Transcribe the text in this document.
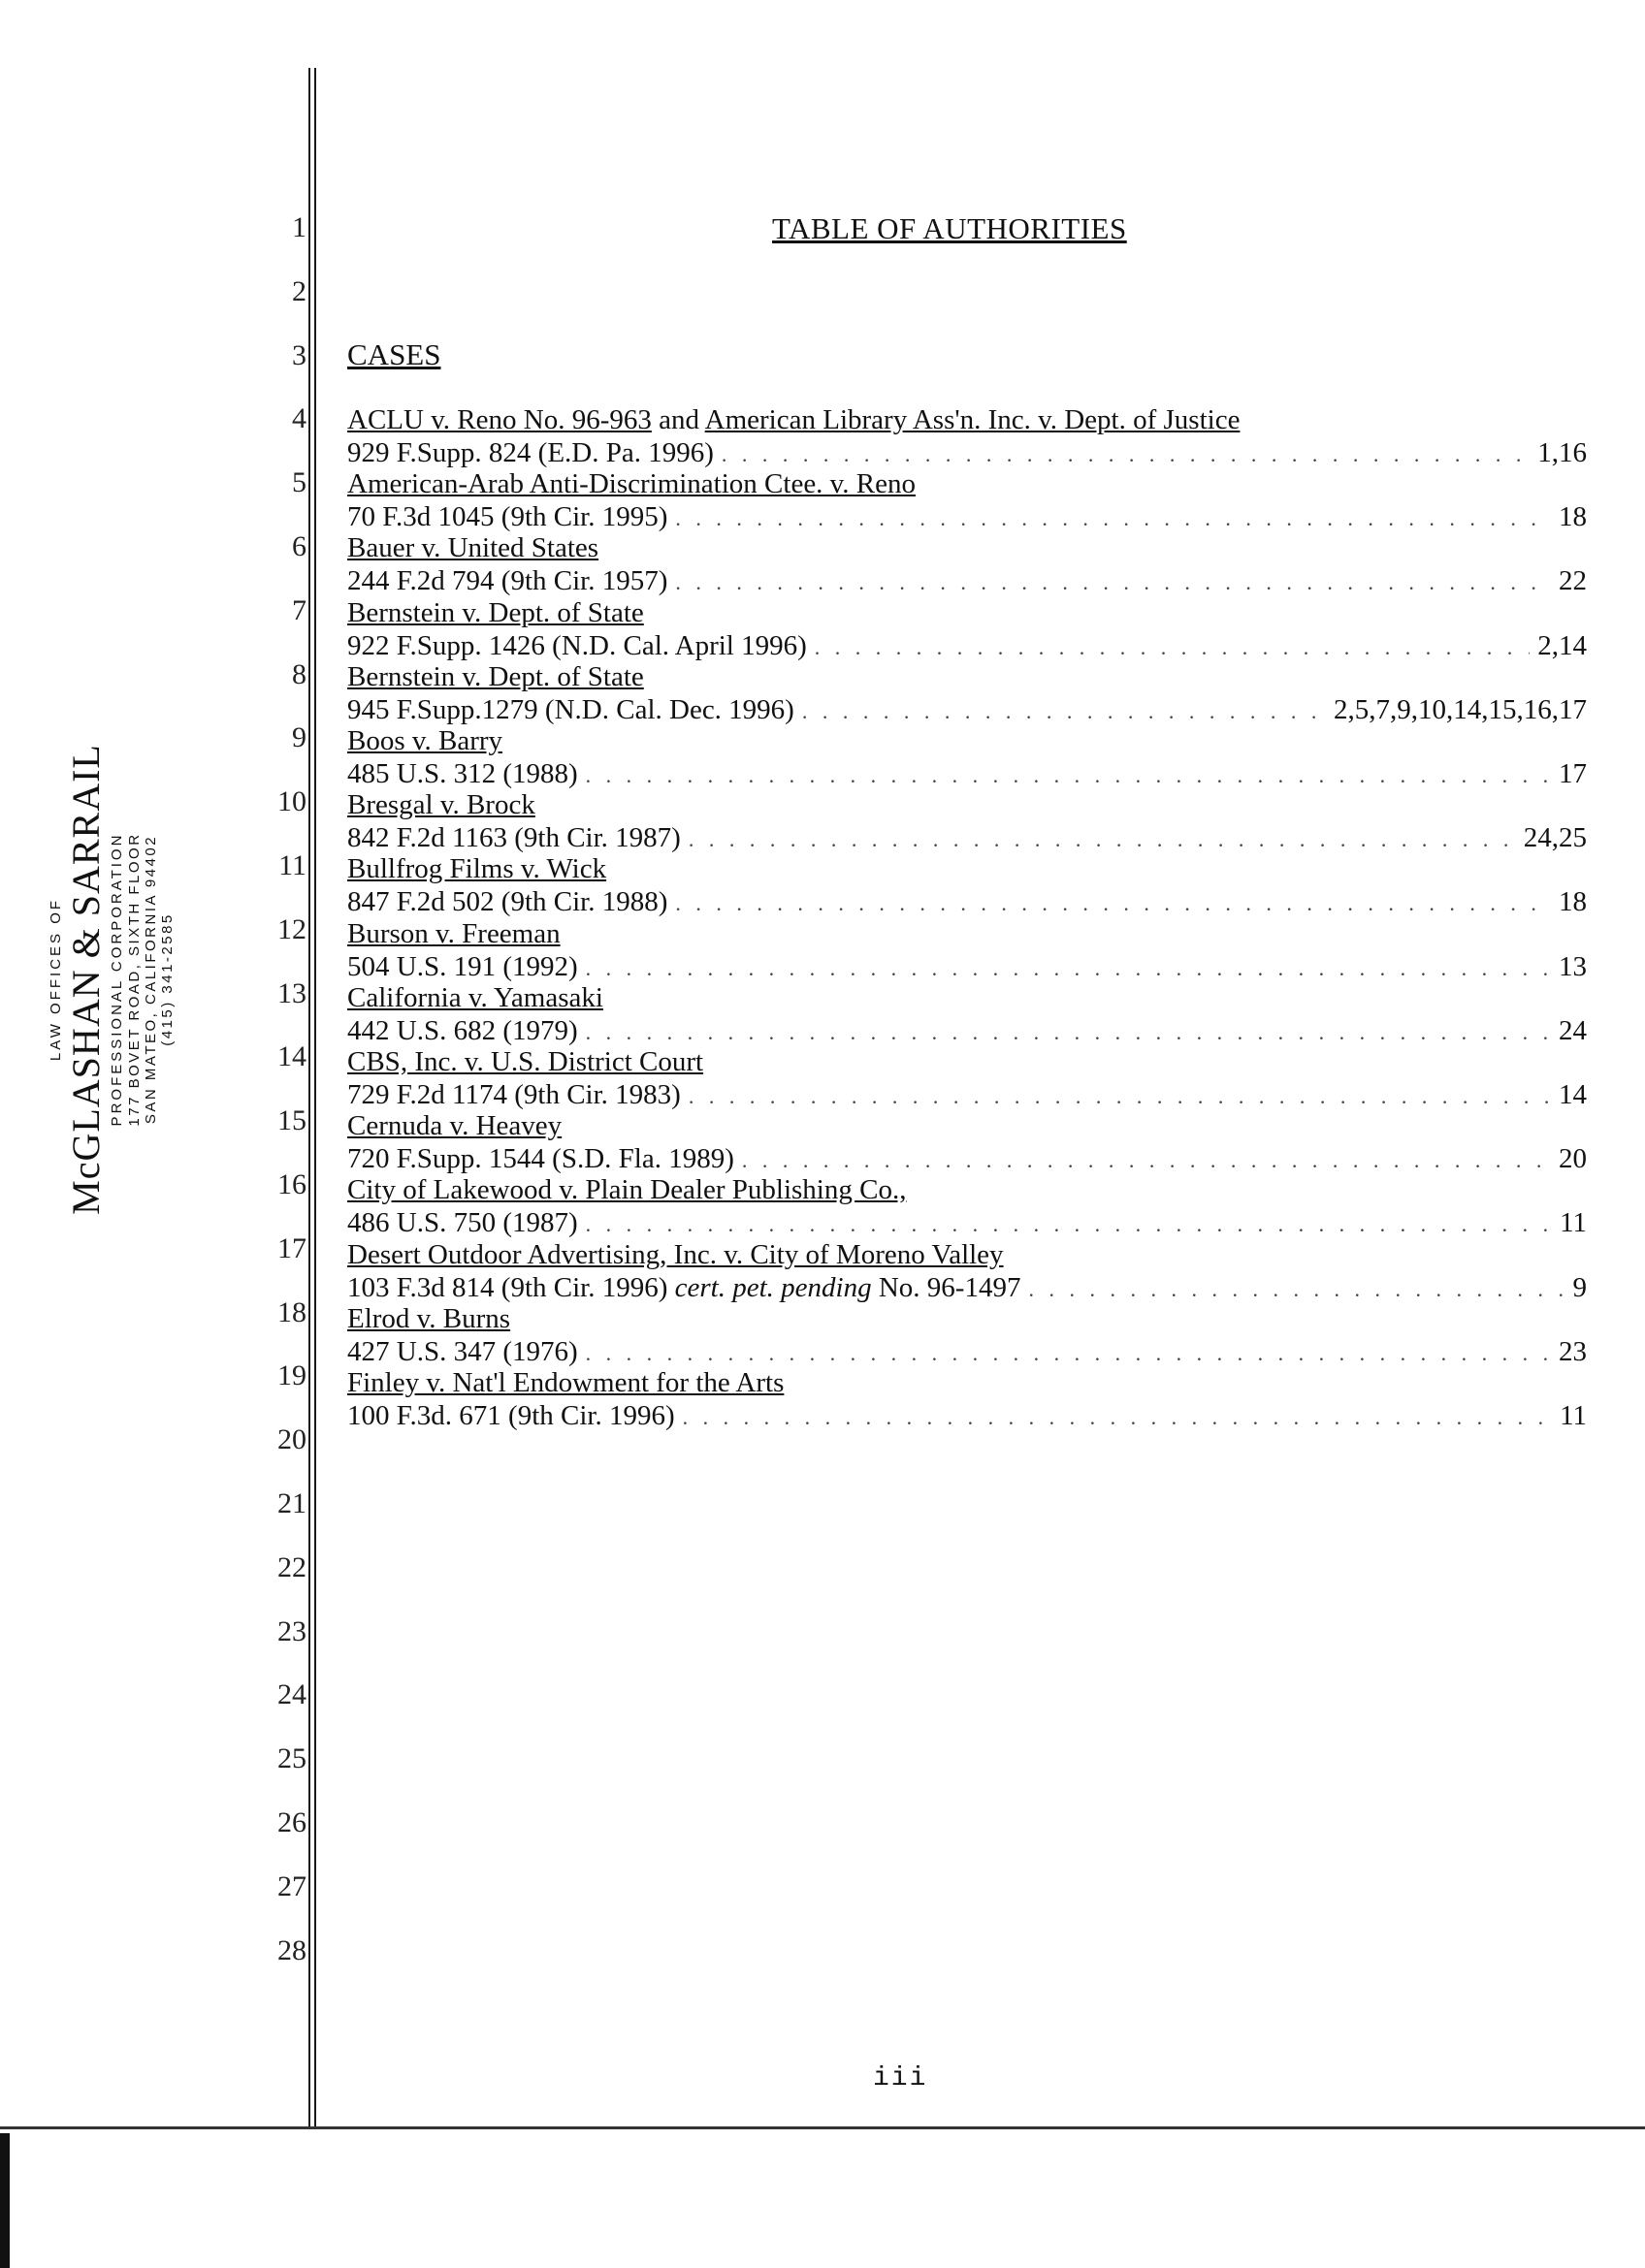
LAW OFFICES OF McGLASHAN & SARRAIL PROFESSIONAL CORPORATION 177 BOVET ROAD, SIXTH FLOOR SAN MATEO, CALIFORNIA 94402 (415) 341-2585
1
2
3
4
5
6
7
8
9
10
11
12
13
14
15
16
17
18
19
20
21
22
23
24
25
26
27
28
TABLE OF AUTHORITIES
CASES
ACLU v. Reno No. 96-963 and American Library Ass'n. Inc. v. Dept. of Justice
929 F.Supp. 824 (E.D. Pa. 1996) . . .	1,16
American-Arab Anti-Discrimination Ctee. v. Reno
70 F.3d 1045 (9th Cir. 1995) . . .	18
Bauer v. United States
244 F.2d 794 (9th Cir. 1957) . . .	22
Bernstein v. Dept. of State
922 F.Supp. 1426 (N.D. Cal. April 1996) . . .	2,14
Bernstein v. Dept. of State
945 F.Supp.1279 (N.D. Cal. Dec. 1996) . . .	2,5,7,9,10,14,15,16,17
Boos v. Barry
485 U.S. 312 (1988) . . .	17
Bresgal v. Brock
842 F.2d 1163 (9th Cir. 1987) . . .	24,25
Bullfrog Films v. Wick
847 F.2d 502 (9th Cir. 1988) . . .	18
Burson v. Freeman
504 U.S. 191 (1992) . . .	13
California v. Yamasaki
442 U.S. 682 (1979) . . .	24
CBS, Inc. v. U.S. District Court
729 F.2d 1174 (9th Cir. 1983) . . .	14
Cernuda v. Heavey
720 F.Supp. 1544 (S.D. Fla. 1989) . . .	20
City of Lakewood v. Plain Dealer Publishing Co.,
486 U.S. 750 (1987) . . .	11
Desert Outdoor Advertising, Inc. v. City of Moreno Valley
103 F.3d 814 (9th Cir. 1996) cert. pet. pending No. 96-1497 . . .	9
Elrod v. Burns
427 U.S. 347 (1976) . . .	23
Finley v. Nat'l Endowment for the Arts
100 F.3d. 671 (9th Cir. 1996) . . .	11
iii
